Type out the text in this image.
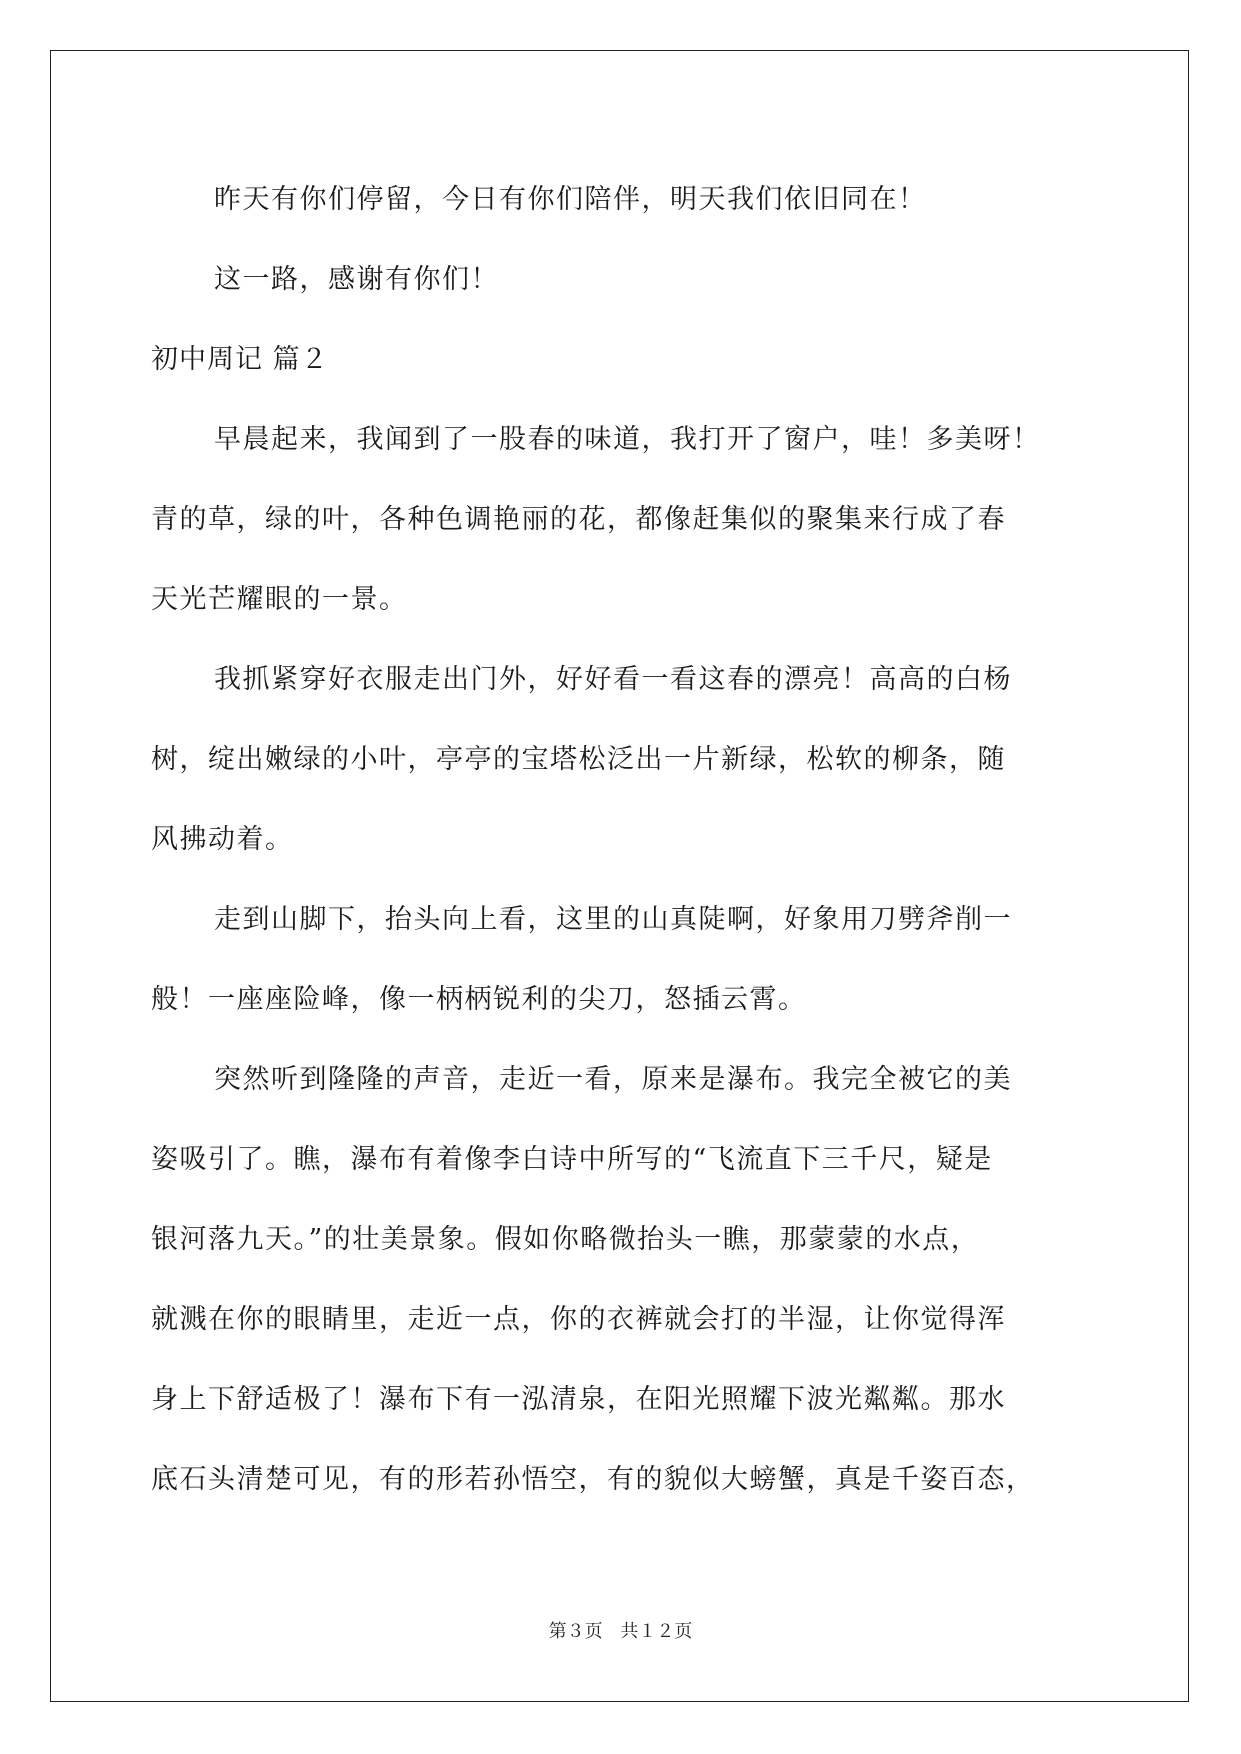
昨天有你们停留，今日有你们陪伴，明天我们依旧同在！
这一路，感谢有你们！
初中周记 篇２
早晨起来，我闻到了一股春的味道，我打开了窗户，哇！多美呀！
青的草，绿的叶，各种色调艳丽的花，都像赶集似的聚集来行成了春
天光芒耀眼的一景。
我抓紧穿好衣服走出门外，好好看一看这春的漂亮！高高的白杨
树，绽出嫩绿的小叶，亭亭的宝塔松泛出一片新绿，松软的柳条，随
风拂动着。
走到山脚下，抬头向上看，这里的山真陡啊，好象用刀劈斧削一
般！一座座险峰，像一柄柄锐利的尖刀，怒插云霄。
突然听到隆隆的声音，走近一看，原来是瀑布。我完全被它的美
姿吸引了。瞧，瀑布有着像李白诗中所写的“飞流直下三千尺，疑是
银河落九天。”的壮美景象。假如你略微抬头一瞧，那蒙蒙的水点，
就溅在你的眼睛里，走近一点，你的衣裤就会打的半湿，让你觉得浑
身上下舒适极了！瀑布下有一泓清泉，在阳光照耀下波光粼粼。那水
底石头清楚可见，有的形若孙悟空，有的貌似大螃蟹，真是千姿百态，
第３页 共１２页
